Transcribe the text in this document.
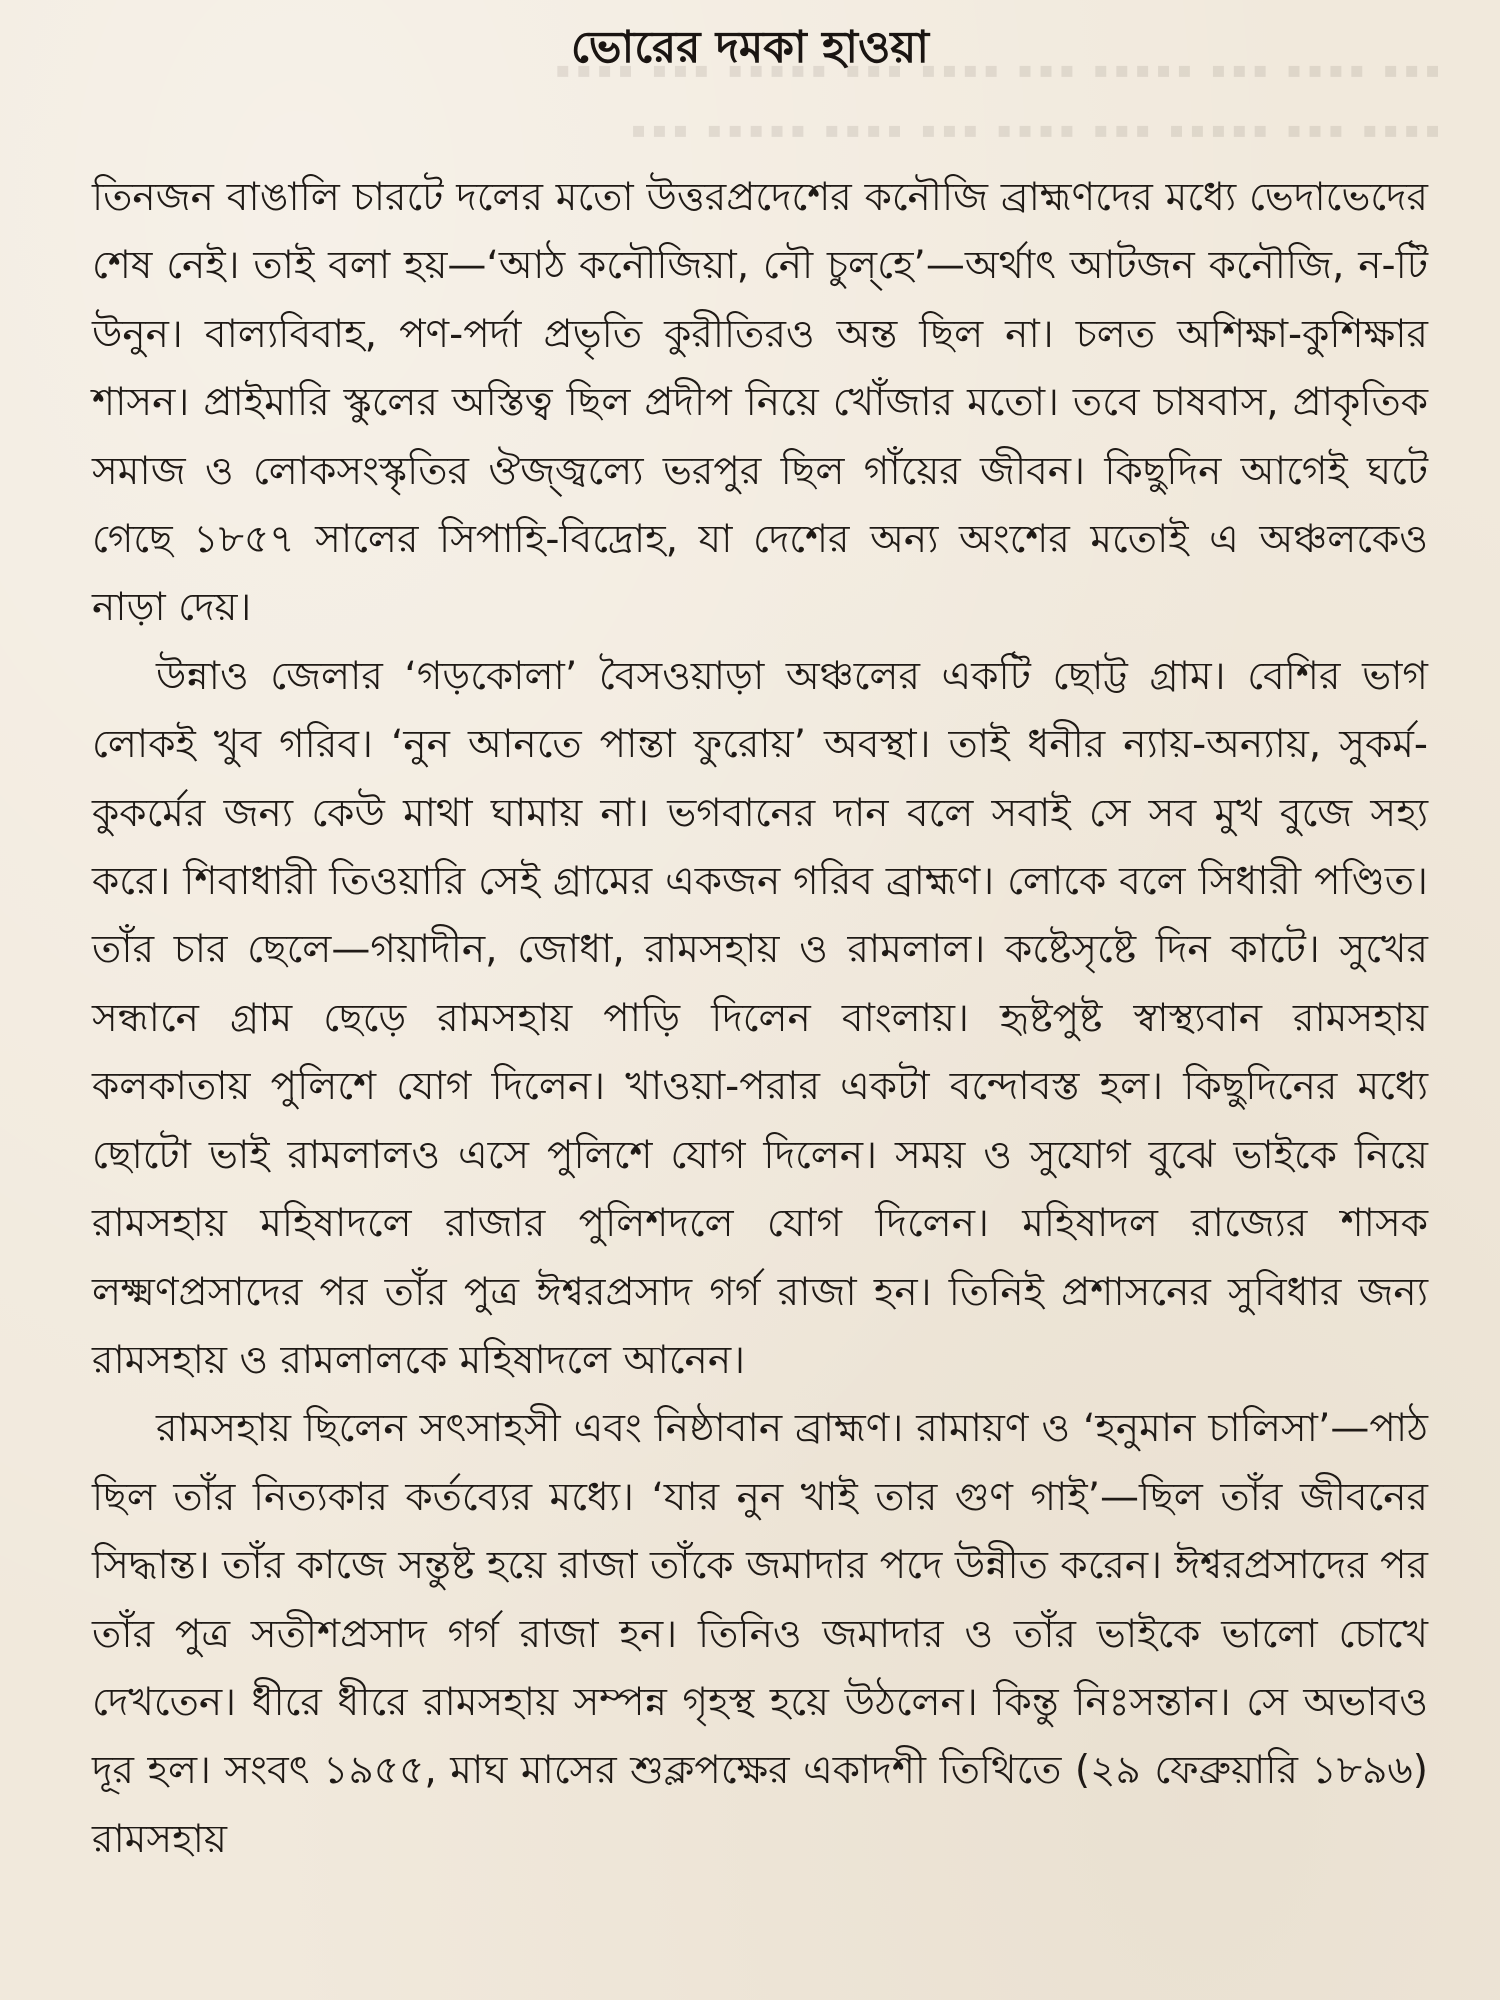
▪▪▪ ▪▪▪▪ ▪▪▪ ▪▪▪▪▪ ▪▪▪ ▪▪▪▪ ▪▪▪ ▪▪▪▪▪ ▪▪▪ ▪▪▪▪
▪▪▪▪ ▪▪▪ ▪▪▪▪▪ ▪▪▪ ▪▪▪▪ ▪▪▪ ▪▪▪▪ ▪▪▪▪▪ ▪▪▪
ভোরের দমকা হাওয়া

তিনজন বাঙালি চারটে দলের মতো উত্তরপ্রদেশের কনৌজি ব্রাহ্মণদের মধ্যে ভেদাভেদের শেষ নেই। তাই বলা হয়—‘আঠ কনৌজিয়া, নৌ চুল্‌হে’—অর্থাৎ আটজন কনৌজি, ন-টি উনুন। বাল্যবিবাহ, পণ-পর্দা প্রভৃতি কুরীতিরও অন্ত ছিল না। চলত অশিক্ষা-কুশিক্ষার শাসন। প্রাইমারি স্কুলের অস্তিত্ব ছিল প্রদীপ নিয়ে খোঁজার মতো। তবে চাষবাস, প্রাকৃতিক সমাজ ও লোকসংস্কৃতির ঔজ্জ্বল্যে ভরপুর ছিল গাঁয়ের জীবন। কিছুদিন আগেই ঘটে গেছে ১৮৫৭ সালের সিপাহি-বিদ্রোহ, যা দেশের অন্য অংশের মতোই এ অঞ্চলকেও নাড়া দেয়।

উন্নাও জেলার ‘গড়কোলা’ বৈসওয়াড়া অঞ্চলের একটি ছোট্ট গ্রাম। বেশির ভাগ লোকই খুব গরিব। ‘নুন আনতে পান্তা ফুরোয়’ অবস্থা। তাই ধনীর ন্যায়-অন্যায়, সুকর্ম-কুকর্মের জন্য কেউ মাথা ঘামায় না। ভগবানের দান বলে সবাই সে সব মুখ বুজে সহ্য করে। শিবাধারী তিওয়ারি সেই গ্রামের একজন গরিব ব্রাহ্মণ। লোকে বলে সিধারী পণ্ডিত। তাঁর চার ছেলে—গয়াদীন, জোধা, রামসহায় ও রামলাল। কষ্টেসৃষ্টে দিন কাটে। সুখের সন্ধানে গ্রাম ছেড়ে রামসহায় পাড়ি দিলেন বাংলায়। হৃষ্টপুষ্ট স্বাস্থ্যবান রামসহায় কলকাতায় পুলিশে যোগ দিলেন। খাওয়া-পরার একটা বন্দোবস্ত হল। কিছুদিনের মধ্যে ছোটো ভাই রামলালও এসে পুলিশে যোগ দিলেন। সময় ও সুযোগ বুঝে ভাইকে নিয়ে রামসহায় মহিষাদলে রাজার পুলিশদলে যোগ দিলেন। মহিষাদল রাজ্যের শাসক লক্ষ্মণপ্রসাদের পর তাঁর পুত্র ঈশ্বরপ্রসাদ গর্গ রাজা হন। তিনিই প্রশাসনের সুবিধার জন্য রামসহায় ও রামলালকে মহিষাদলে আনেন।

রামসহায় ছিলেন সৎসাহসী এবং নিষ্ঠাবান ব্রাহ্মণ। রামায়ণ ও ‘হনুমান চালিসা’—পাঠ ছিল তাঁর নিত্যকার কর্তব্যের মধ্যে। ‘যার নুন খাই তার গুণ গাই’—ছিল তাঁর জীবনের সিদ্ধান্ত। তাঁর কাজে সন্তুষ্ট হয়ে রাজা তাঁকে জমাদার পদে উন্নীত করেন। ঈশ্বরপ্রসাদের পর তাঁর পুত্র সতীশপ্রসাদ গর্গ রাজা হন। তিনিও জমাদার ও তাঁর ভাইকে ভালো চোখে দেখতেন। ধীরে ধীরে রামসহায় সম্পন্ন গৃহস্থ হয়ে উঠলেন। কিন্তু নিঃসন্তান। সে অভাবও দূর হল। সংবৎ ১৯৫৫, মাঘ মাসের শুক্লপক্ষের একাদশী তিথিতে (২৯ ফেব্রুয়ারি ১৮৯৬) রামসহায়
